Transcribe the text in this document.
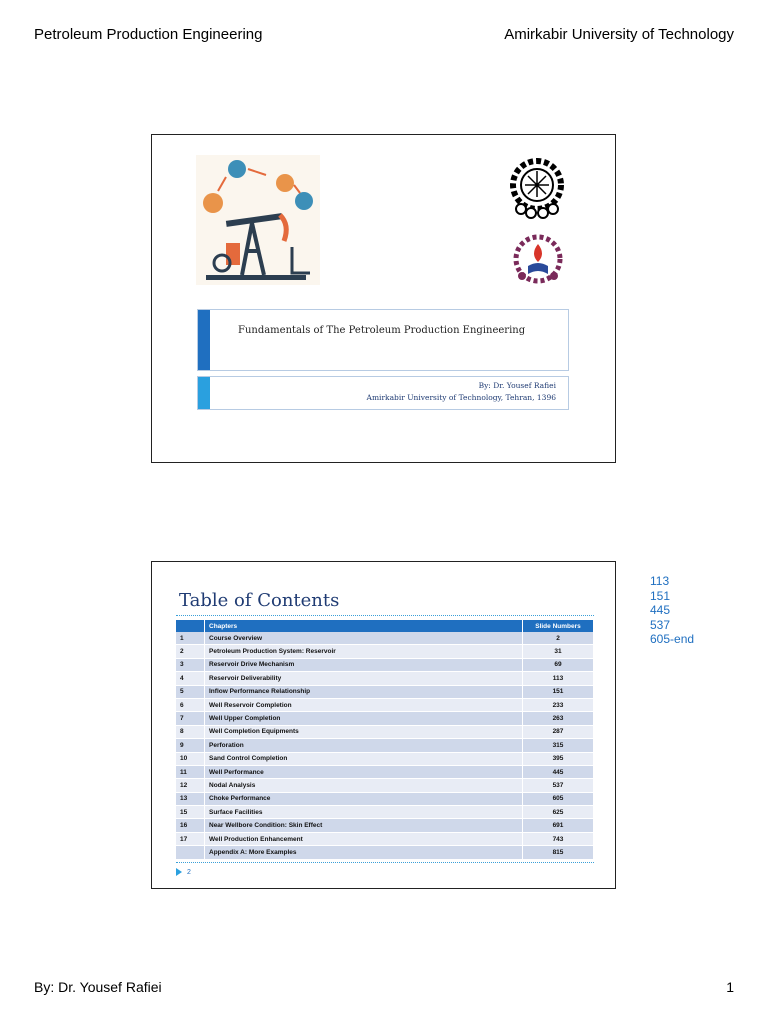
Petroleum Production Engineering	Amirkabir University of Technology
Fundamentals of The Petroleum Production Engineering
By: Dr. Yousef Rafiei
Amirkabir University of Technology, Tehran, 1396
Table of Contents
	Chapters	Slide Numbers
1	Course Overview	2
2	Petroleum Production System: Reservoir	31
3	Reservoir Drive Mechanism	69
4	Reservoir Deliverability	113
5	Inflow Performance Relationship	151
6	Well Reservoir Completion	233
7	Well Upper Completion	263
8	Well Completion Equipments	287
9	Perforation	315
10	Sand Control Completion	395
11	Well Performance	445
12	Nodal Analysis	537
13	Choke Performance	605
15	Surface Facilities	625
16	Near Wellbore Condition: Skin Effect	691
17	Well Production Enhancement	743
	Appendix A: More Examples	815
2
113
151
445
537
605-end
By: Dr. Yousef Rafiei	1
